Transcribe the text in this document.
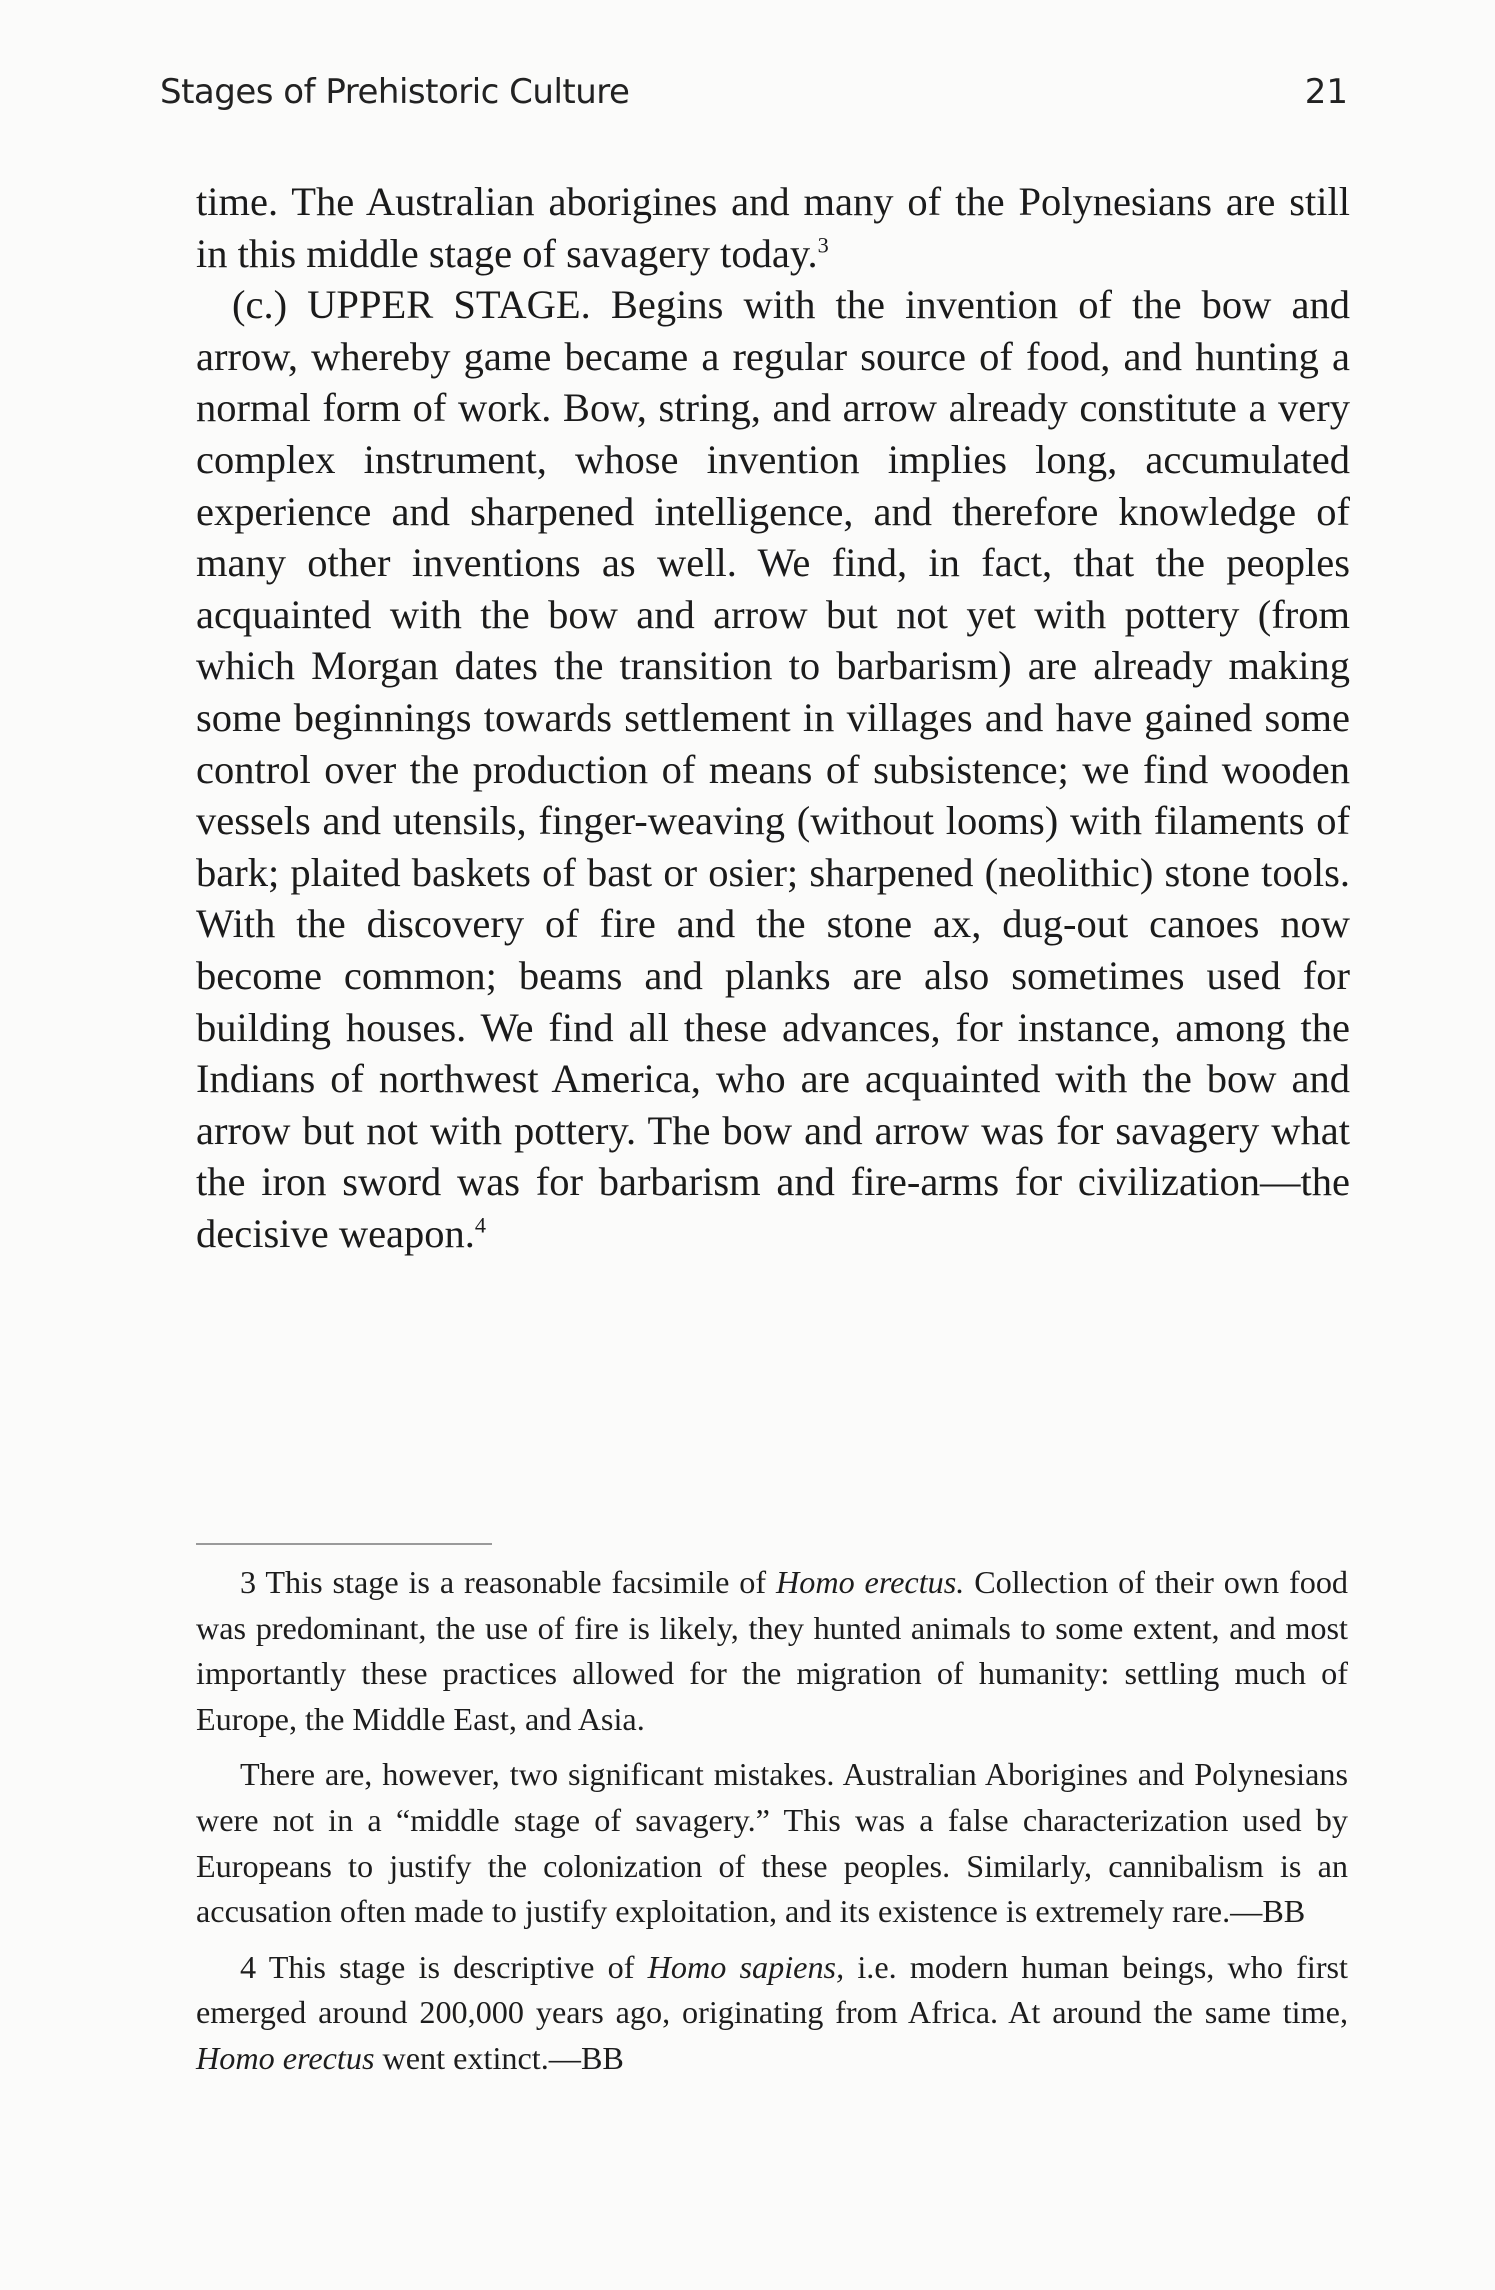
Stages of Prehistoric Culture	21

time. The Australian aborigines and many of the Polynesians are still in this middle stage of savagery today.$^3$

(c.) UPPER STAGE. Begins with the invention of the bow and arrow, whereby game became a regular source of food, and hunting a normal form of work. Bow, string, and arrow already constitute a very complex instrument, whose invention implies long, accumulated experience and sharpened intelligence, and therefore knowledge of many other inventions as well. We find, in fact, that the peoples acquainted with the bow and arrow but not yet with pottery (from which Morgan dates the transition to barbarism) are already making some beginnings towards settlement in villages and have gained some control over the production of means of subsistence; we find wooden vessels and utensils, finger-weaving (without looms) with filaments of bark; plaited baskets of bast or osier; sharpened (neolithic) stone tools. With the discovery of fire and the stone ax, dug-out canoes now become common; beams and planks are also sometimes used for building houses. We find all these advances, for instance, among the Indians of northwest America, who are acquainted with the bow and arrow but not with pottery. The bow and arrow was for savagery what the iron sword was for barbarism and fire-arms for civilization—the decisive weapon.$^4$

3 This stage is a reasonable facsimile of Homo erectus. Collection of their own food was predominant, the use of fire is likely, they hunted animals to some extent, and most importantly these practices allowed for the migration of humanity: settling much of Europe, the Middle East, and Asia.

There are, however, two significant mistakes. Australian Aborigines and Polynesians were not in a “middle stage of savagery.” This was a false characterization used by Europeans to justify the colonization of these peoples. Similarly, cannibalism is an accusation often made to justify exploitation, and its existence is extremely rare.—BB

4 This stage is descriptive of Homo sapiens, i.e. modern human beings, who first emerged around 200,000 years ago, originating from Africa. At around the same time, Homo erectus went extinct.—BB
